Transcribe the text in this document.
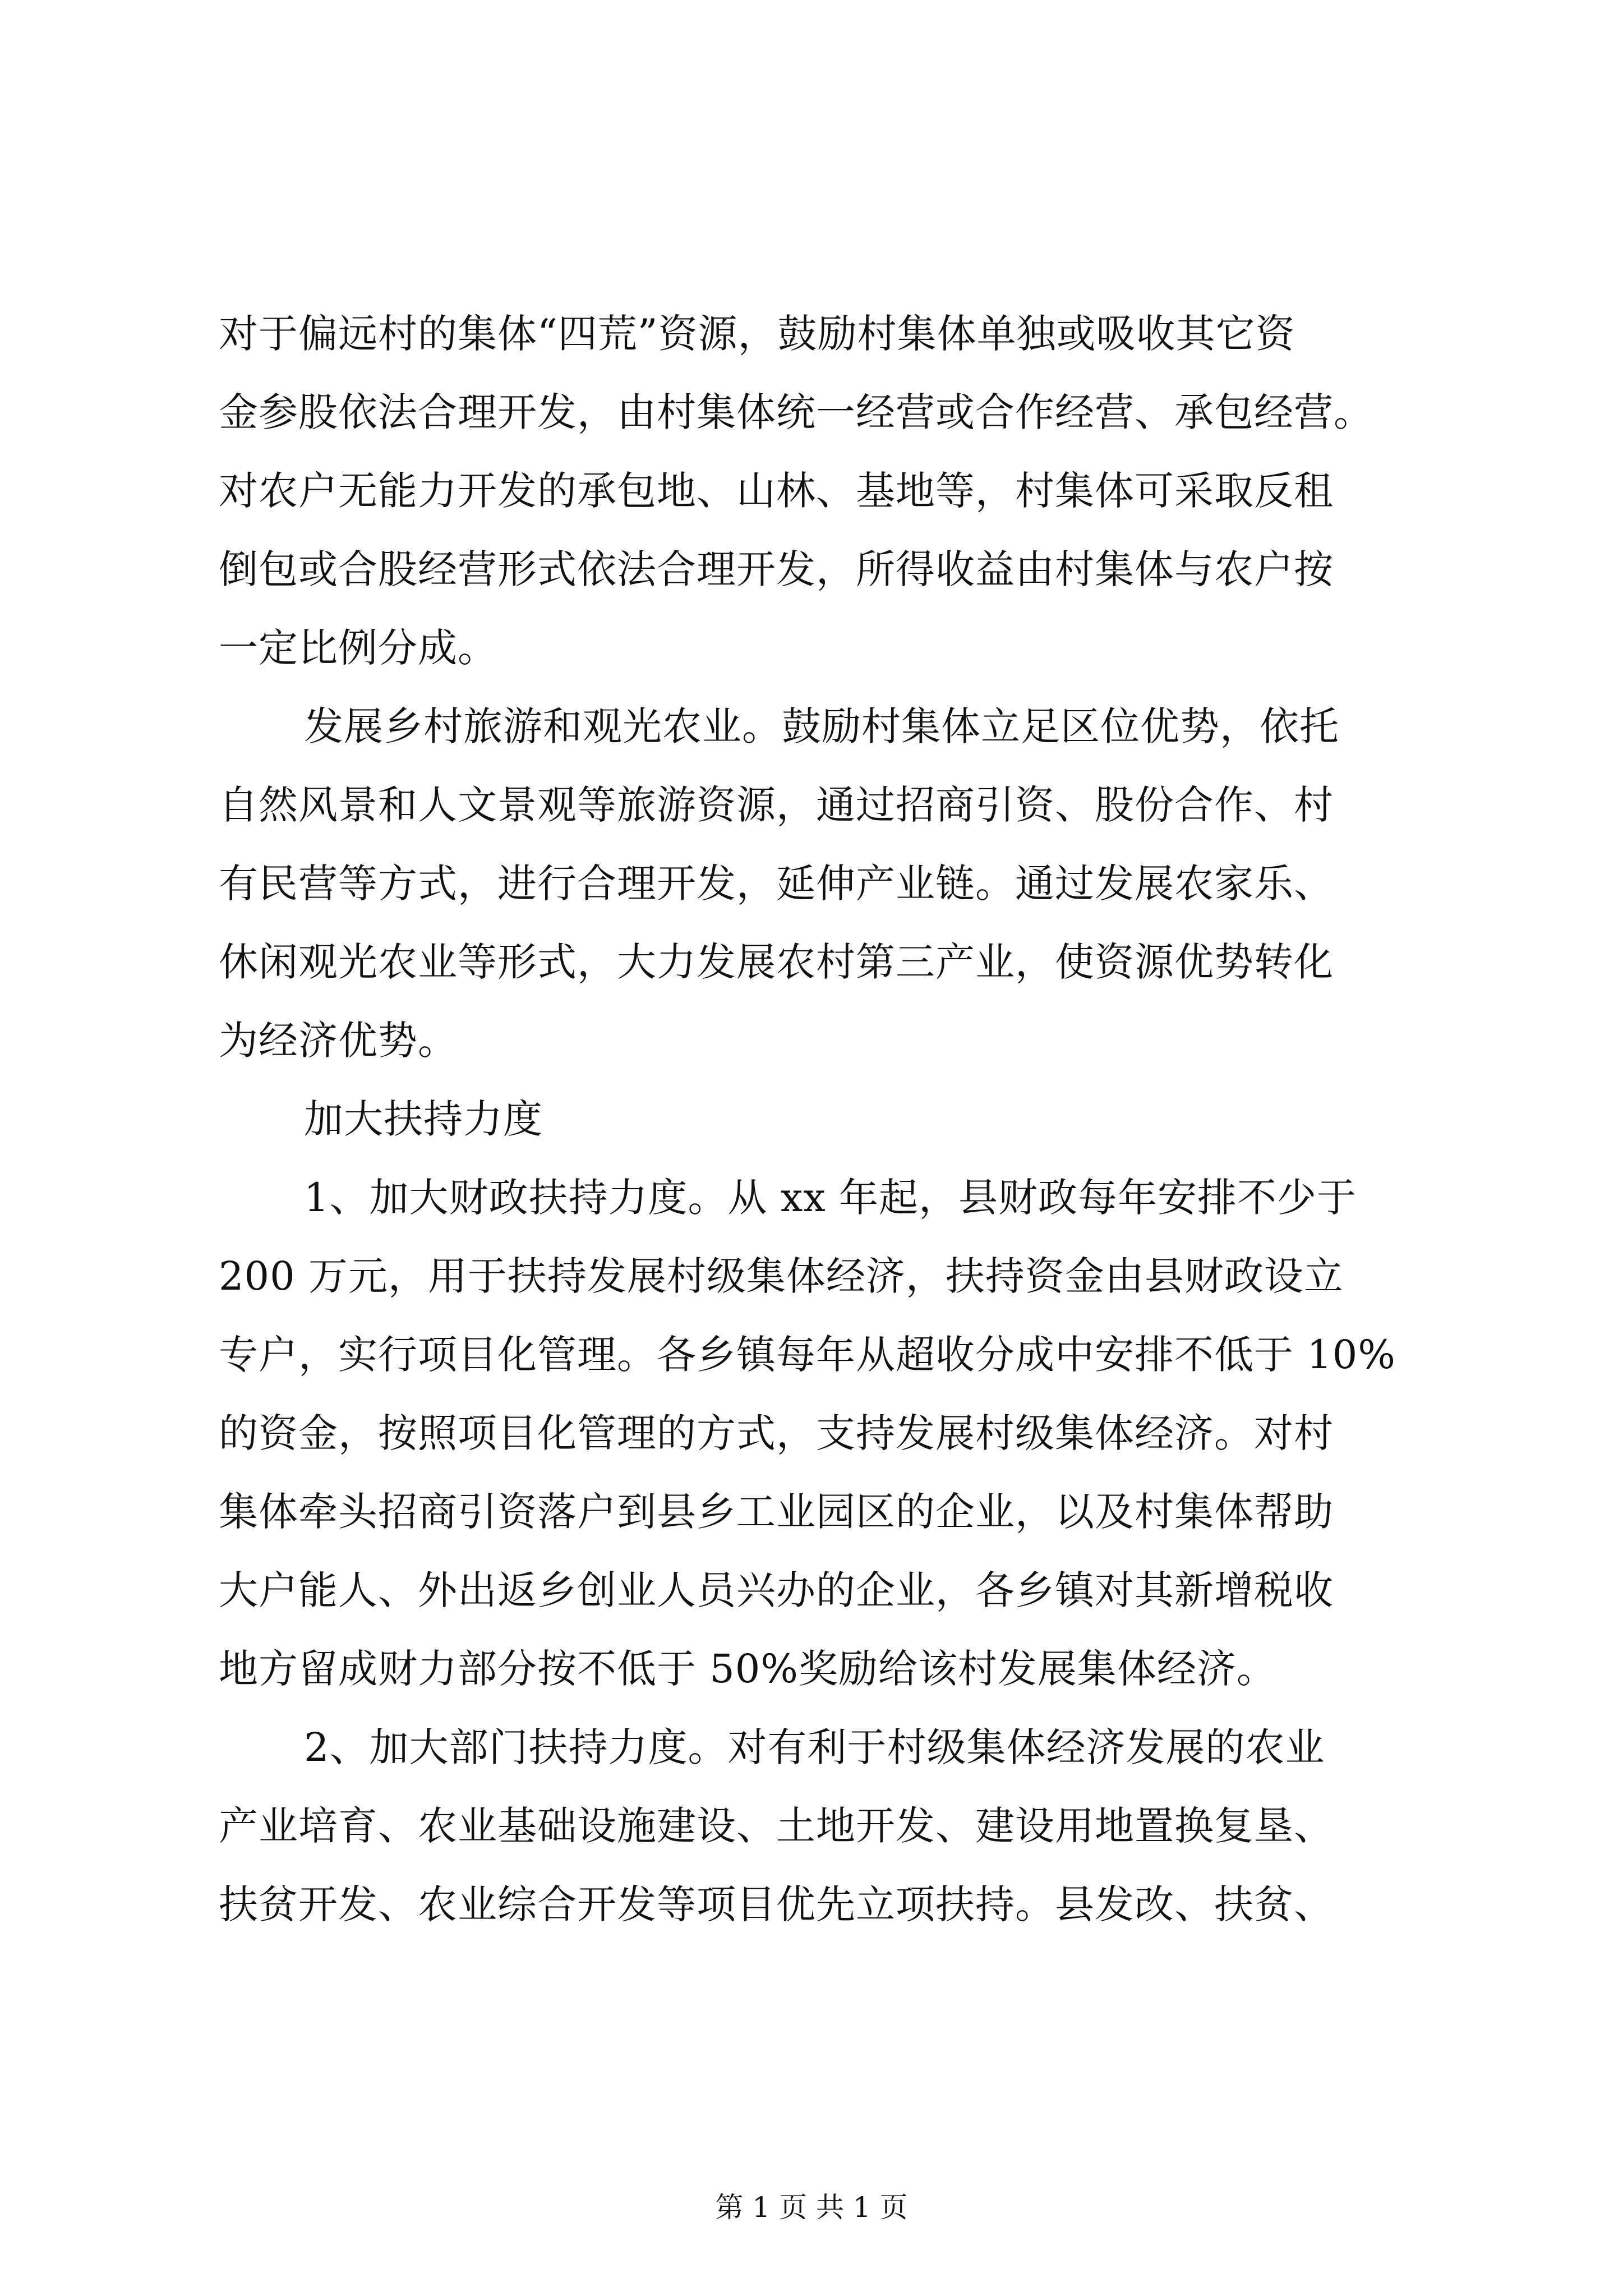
对于偏远村的集体“四荒”资源，鼓励村集体单独或吸收其它资
金参股依法合理开发，由村集体统一经营或合作经营、承包经营。
对农户无能力开发的承包地、山林、基地等，村集体可采取反租
倒包或合股经营形式依法合理开发，所得收益由村集体与农户按
一定比例分成。
发展乡村旅游和观光农业。鼓励村集体立足区位优势，依托
自然风景和人文景观等旅游资源，通过招商引资、股份合作、村
有民营等方式，进行合理开发，延伸产业链。通过发展农家乐、
休闲观光农业等形式，大力发展农村第三产业，使资源优势转化
为经济优势。
加大扶持力度
1、加大财政扶持力度。从 xx 年起，县财政每年安排不少于
200 万元，用于扶持发展村级集体经济，扶持资金由县财政设立
专户，实行项目化管理。各乡镇每年从超收分成中安排不低于 10%
的资金，按照项目化管理的方式，支持发展村级集体经济。对村
集体牵头招商引资落户到县乡工业园区的企业，以及村集体帮助
大户能人、外出返乡创业人员兴办的企业，各乡镇对其新增税收
地方留成财力部分按不低于 50%奖励给该村发展集体经济。
2、加大部门扶持力度。对有利于村级集体经济发展的农业
产业培育、农业基础设施建设、土地开发、建设用地置换复垦、
扶贫开发、农业综合开发等项目优先立项扶持。县发改、扶贫、
第 1 页 共 1 页
